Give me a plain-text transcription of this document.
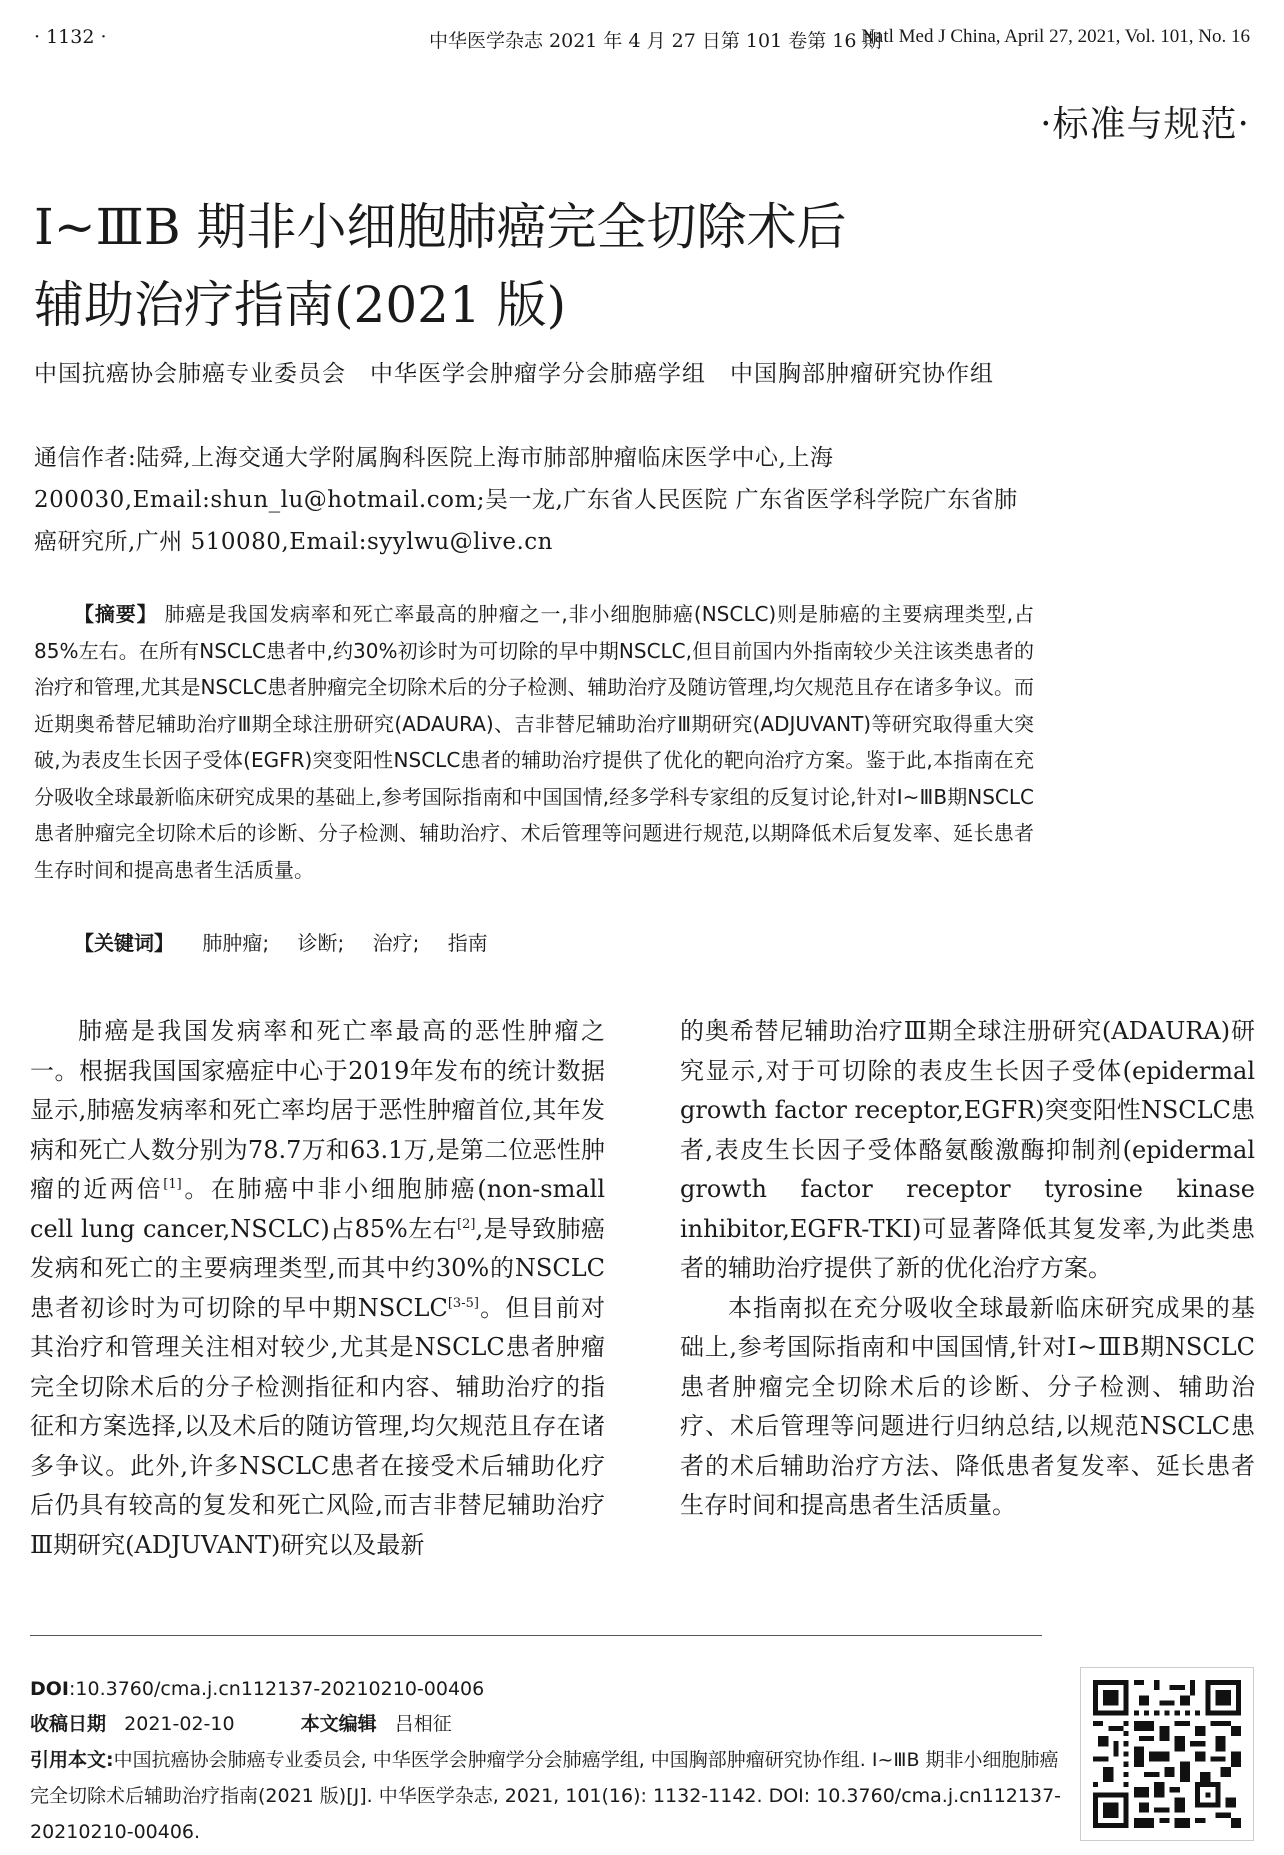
· 1132 ·	中华医学杂志 2021 年 4 月 27 日第 101 卷第 16 期
Natl Med J China, April 27, 2021, Vol. 101, No. 16
·标准与规范·
Ⅰ~ⅢB 期非小细胞肺癌完全切除术后
辅助治疗指南(2021 版)
中国抗癌协会肺癌专业委员会　中华医学会肿瘤学分会肺癌学组　中国胸部肿瘤研究协作组
通信作者:陆舜,上海交通大学附属胸科医院上海市肺部肿瘤临床医学中心,上海 200030,Email:shun_lu@hotmail.com;吴一龙,广东省人民医院 广东省医学科学院广东省肺癌研究所,广州 510080,Email:syylwu@live.cn
【摘要】 肺癌是我国发病率和死亡率最高的肿瘤之一,非小细胞肺癌(NSCLC)则是肺癌的主要病理类型,占85%左右。在所有NSCLC患者中,约30%初诊时为可切除的早中期NSCLC,但目前国内外指南较少关注该类患者的治疗和管理,尤其是NSCLC患者肿瘤完全切除术后的分子检测、辅助治疗及随访管理,均欠规范且存在诸多争议。而近期奥希替尼辅助治疗Ⅲ期全球注册研究(ADAURA)、吉非替尼辅助治疗Ⅲ期研究(ADJUVANT)等研究取得重大突破,为表皮生长因子受体(EGFR)突变阳性NSCLC患者的辅助治疗提供了优化的靶向治疗方案。鉴于此,本指南在充分吸收全球最新临床研究成果的基础上,参考国际指南和中国国情,经多学科专家组的反复讨论,针对Ⅰ~ⅢB期NSCLC患者肿瘤完全切除术后的诊断、分子检测、辅助治疗、术后管理等问题进行规范,以期降低术后复发率、延长患者生存时间和提高患者生活质量。
【关键词】 肺肿瘤; 诊断; 治疗; 指南

肺癌是我国发病率和死亡率最高的恶性肿瘤之一。根据我国国家癌症中心于2019年发布的统计数据显示,肺癌发病率和死亡率均居于恶性肿瘤首位,其年发病和死亡人数分别为78.7万和63.1万,是第二位恶性肿瘤的近两倍[1]。在肺癌中非小细胞肺癌(non-small cell lung cancer,NSCLC)占85%左右[2],是导致肺癌发病和死亡的主要病理类型,而其中约30%的NSCLC患者初诊时为可切除的早中期NSCLC[3-5]。但目前对其治疗和管理关注相对较少,尤其是NSCLC患者肿瘤完全切除术后的分子检测指征和内容、辅助治疗的指征和方案选择,以及术后的随访管理,均欠规范且存在诸多争议。此外,许多NSCLC患者在接受术后辅助化疗后仍具有较高的复发和死亡风险,而吉非替尼辅助治疗Ⅲ期研究(ADJUVANT)研究以及最新

的奥希替尼辅助治疗Ⅲ期全球注册研究(ADAURA)研究显示,对于可切除的表皮生长因子受体(epidermal growth factor receptor,EGFR)突变阳性NSCLC患者,表皮生长因子受体酪氨酸激酶抑制剂(epidermal growth factor receptor tyrosine kinase inhibitor,EGFR-TKI)可显著降低其复发率,为此类患者的辅助治疗提供了新的优化治疗方案。

本指南拟在充分吸收全球最新临床研究成果的基础上,参考国际指南和中国国情,针对Ⅰ~ⅢB期NSCLC患者肿瘤完全切除术后的诊断、分子检测、辅助治疗、术后管理等问题进行归纳总结,以规范NSCLC患者的术后辅助治疗方法、降低患者复发率、延长患者生存时间和提高患者生活质量。

DOI:10.3760/cma.j.cn112137-20210210-00406
收稿日期 2021-02-10	本文编辑 吕相征
引用本文:中国抗癌协会肺癌专业委员会, 中华医学会肿瘤学分会肺癌学组, 中国胸部肿瘤研究协作组. Ⅰ~ⅢB 期非小细胞肺癌完全切除术后辅助治疗指南(2021 版)[J]. 中华医学杂志, 2021, 101(16): 1132-1142. DOI: 10.3760/cma.j.cn112137-20210210-00406.
